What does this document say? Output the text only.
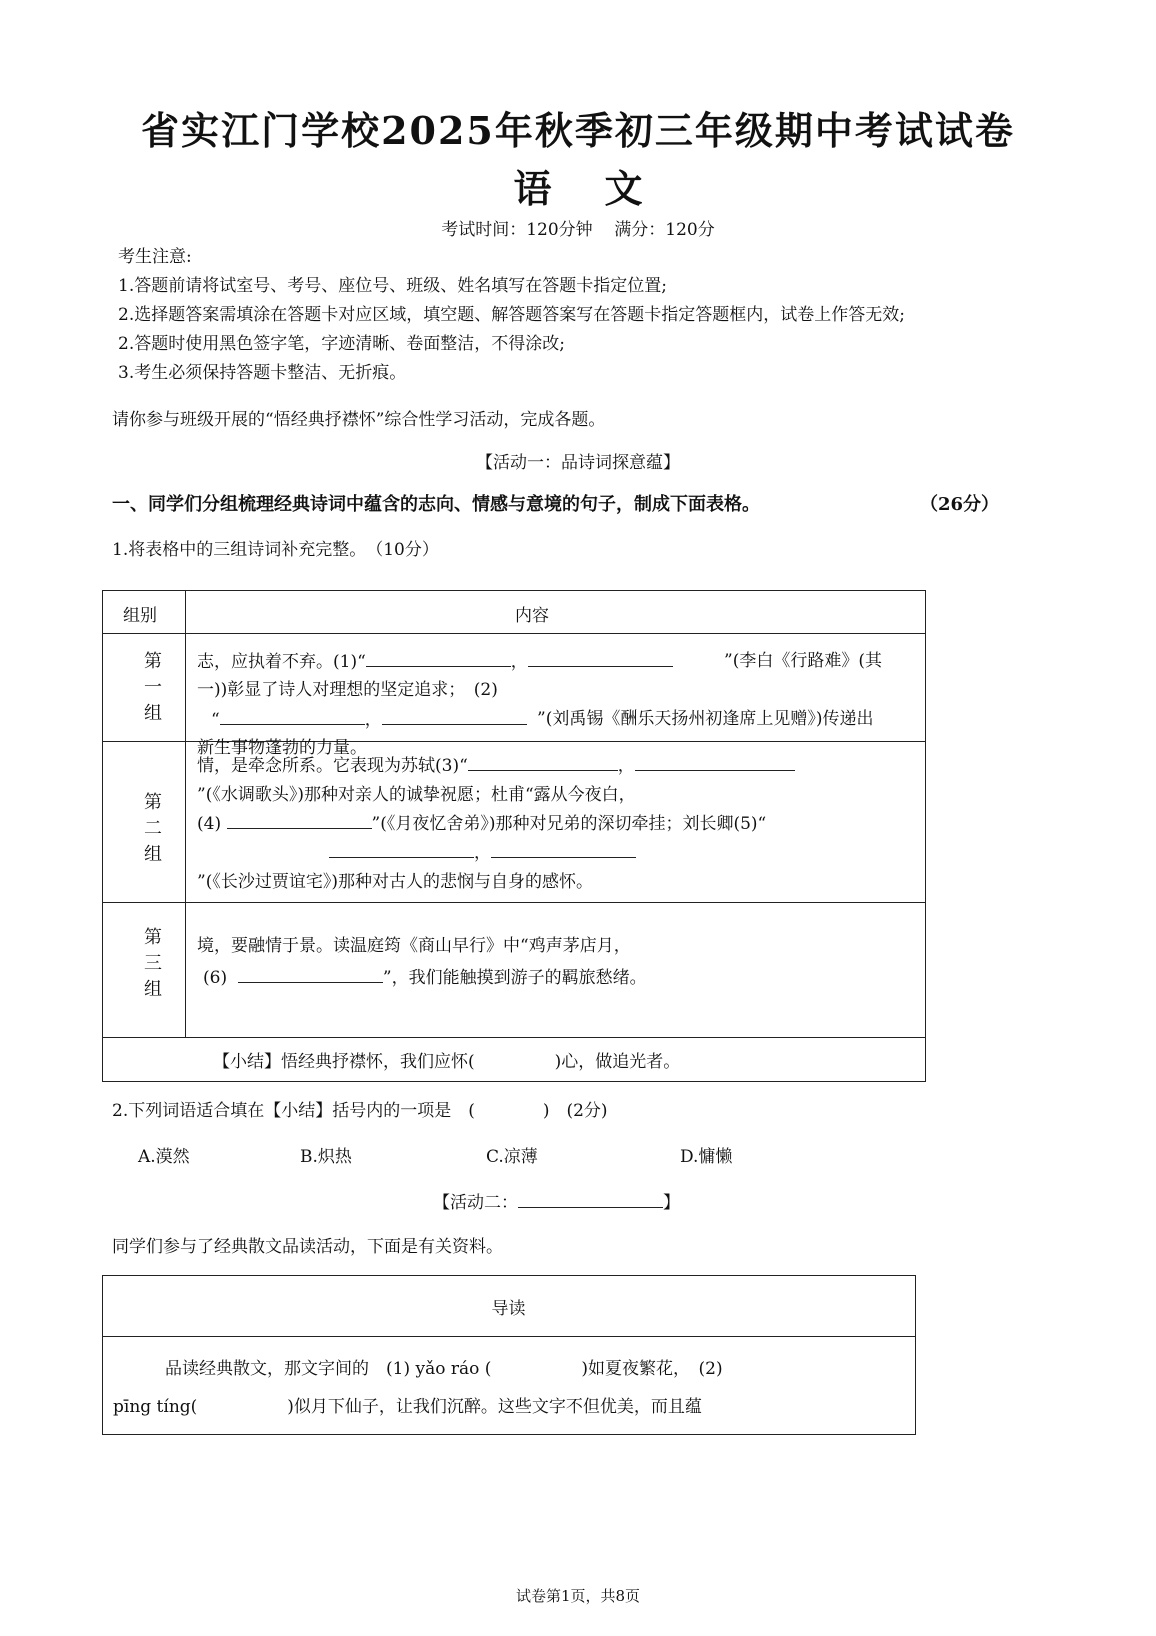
省实江门学校2025年秋季初三年级期中考试试卷
语    文
考试时间：120分钟    满分：120分
考生注意:
1.答题前请将试室号、考号、座位号、班级、姓名填写在答题卡指定位置;
2.选择题答案需填涂在答题卡对应区域，填空题、解答题答案写在答题卡指定答题框内，试卷上作答无效;
2.答题时使用黑色签字笔，字迹清晰、卷面整洁，不得涂改;
3.考生必须保持答题卡整洁、无折痕。
请你参与班级开展的“悟经典抒襟怀”综合性学习活动，完成各题。
【活动一：品诗词探意蕴】
一、同学们分组梳理经典诗词中蕴含的志向、情感与意境的句子，制成下面表格。	（26分）
1.将表格中的三组诗词补充完整。　（10分）
组别	内容
第一组 志，应执着不弃。(1)“	，	”(李白《行路难》(其一))彰显了诗人对理想的坚定追求；　(2)
“	，	”(刘禹锡《酬乐天扬州初逢席上见赠》)传递出新生事物蓬勃的力量。
第二组
情，是牵念所系。它表现为苏轼(3)“	，
”(《水调歌头》)那种对亲人的诚挚祝愿；杜甫“露从今夜白，
(4)	”(《月夜忆舍弟》)那种对兄弟的深切牵挂；刘长卿(5)“
，
”(《长沙过贾谊宅》)那种对古人的悲悯与自身的感怀。
第三组 境，要融情于景。读温庭筠《商山早行》中“鸡声茅店月，
(6)	”，我们能触摸到游子的羁旅愁绪。
【小结】悟经典抒襟怀，我们应怀(	)心，做追光者。
2.下列词语适合填在【小结】括号内的一项是　(　　　　)　(2分)
A.漠然	B.炽热	C.凉薄	D.慵懒
【活动二：	】
同学们参与了经典散文品读活动，下面是有关资料。
导读
品读经典散文，那文字间的　(1) yǎo ráo (	)如夏夜繁花，　(2)
pīng tíng(	)似月下仙子，让我们沉醉。这些文字不但优美，而且蕴
试卷第1页，共8页
